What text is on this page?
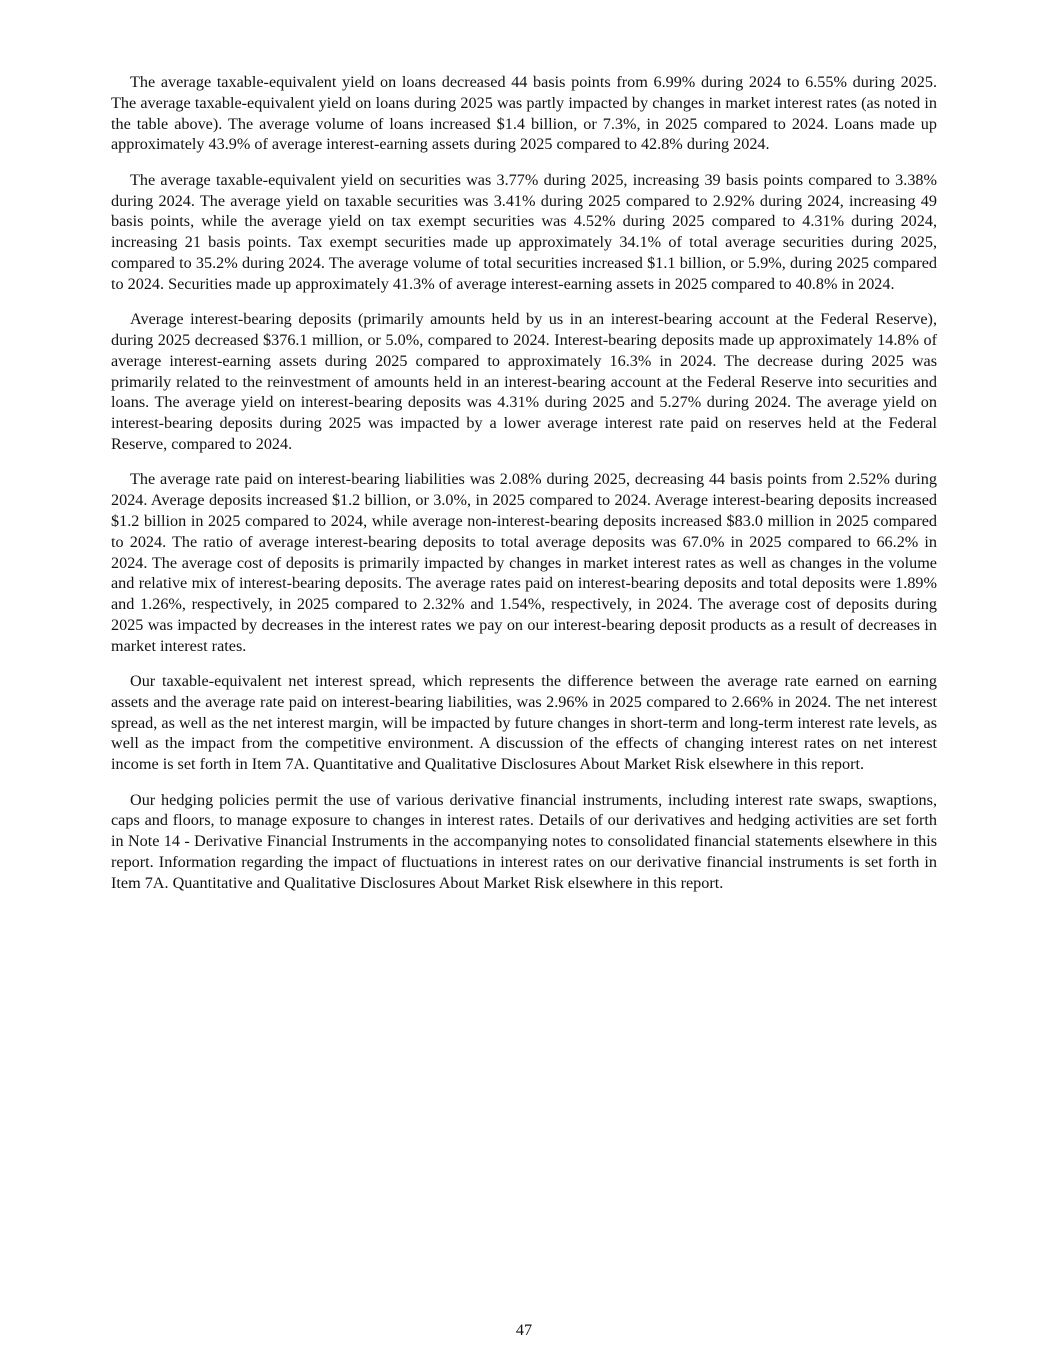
The average taxable-equivalent yield on loans decreased 44 basis points from 6.99% during 2024 to 6.55% during 2025. The average taxable-equivalent yield on loans during 2025 was partly impacted by changes in market interest rates (as noted in the table above). The average volume of loans increased $1.4 billion, or 7.3%, in 2025 compared to 2024. Loans made up approximately 43.9% of average interest-earning assets during 2025 compared to 42.8% during 2024.

The average taxable-equivalent yield on securities was 3.77% during 2025, increasing 39 basis points compared to 3.38% during 2024. The average yield on taxable securities was 3.41% during 2025 compared to 2.92% during 2024, increasing 49 basis points, while the average yield on tax exempt securities was 4.52% during 2025 compared to 4.31% during 2024, increasing 21 basis points. Tax exempt securities made up approximately 34.1% of total average securities during 2025, compared to 35.2% during 2024. The average volume of total securities increased $1.1 billion, or 5.9%, during 2025 compared to 2024. Securities made up approximately 41.3% of average interest-earning assets in 2025 compared to 40.8% in 2024.

Average interest-bearing deposits (primarily amounts held by us in an interest-bearing account at the Federal Reserve), during 2025 decreased $376.1 million, or 5.0%, compared to 2024. Interest-bearing deposits made up approximately 14.8% of average interest-earning assets during 2025 compared to approximately 16.3% in 2024. The decrease during 2025 was primarily related to the reinvestment of amounts held in an interest-bearing account at the Federal Reserve into securities and loans. The average yield on interest-bearing deposits was 4.31% during 2025 and 5.27% during 2024. The average yield on interest-bearing deposits during 2025 was impacted by a lower average interest rate paid on reserves held at the Federal Reserve, compared to 2024.

The average rate paid on interest-bearing liabilities was 2.08% during 2025, decreasing 44 basis points from 2.52% during 2024. Average deposits increased $1.2 billion, or 3.0%, in 2025 compared to 2024. Average interest-bearing deposits increased $1.2 billion in 2025 compared to 2024, while average non-interest-bearing deposits increased $83.0 million in 2025 compared to 2024. The ratio of average interest-bearing deposits to total average deposits was 67.0% in 2025 compared to 66.2% in 2024. The average cost of deposits is primarily impacted by changes in market interest rates as well as changes in the volume and relative mix of interest-bearing deposits. The average rates paid on interest-bearing deposits and total deposits were 1.89% and 1.26%, respectively, in 2025 compared to 2.32% and 1.54%, respectively, in 2024. The average cost of deposits during 2025 was impacted by decreases in the interest rates we pay on our interest-bearing deposit products as a result of decreases in market interest rates.

Our taxable-equivalent net interest spread, which represents the difference between the average rate earned on earning assets and the average rate paid on interest-bearing liabilities, was 2.96% in 2025 compared to 2.66% in 2024. The net interest spread, as well as the net interest margin, will be impacted by future changes in short-term and long-term interest rate levels, as well as the impact from the competitive environment. A discussion of the effects of changing interest rates on net interest income is set forth in Item 7A. Quantitative and Qualitative Disclosures About Market Risk elsewhere in this report.

Our hedging policies permit the use of various derivative financial instruments, including interest rate swaps, swaptions, caps and floors, to manage exposure to changes in interest rates. Details of our derivatives and hedging activities are set forth in Note 14 - Derivative Financial Instruments in the accompanying notes to consolidated financial statements elsewhere in this report. Information regarding the impact of fluctuations in interest rates on our derivative financial instruments is set forth in Item 7A. Quantitative and Qualitative Disclosures About Market Risk elsewhere in this report.

47
